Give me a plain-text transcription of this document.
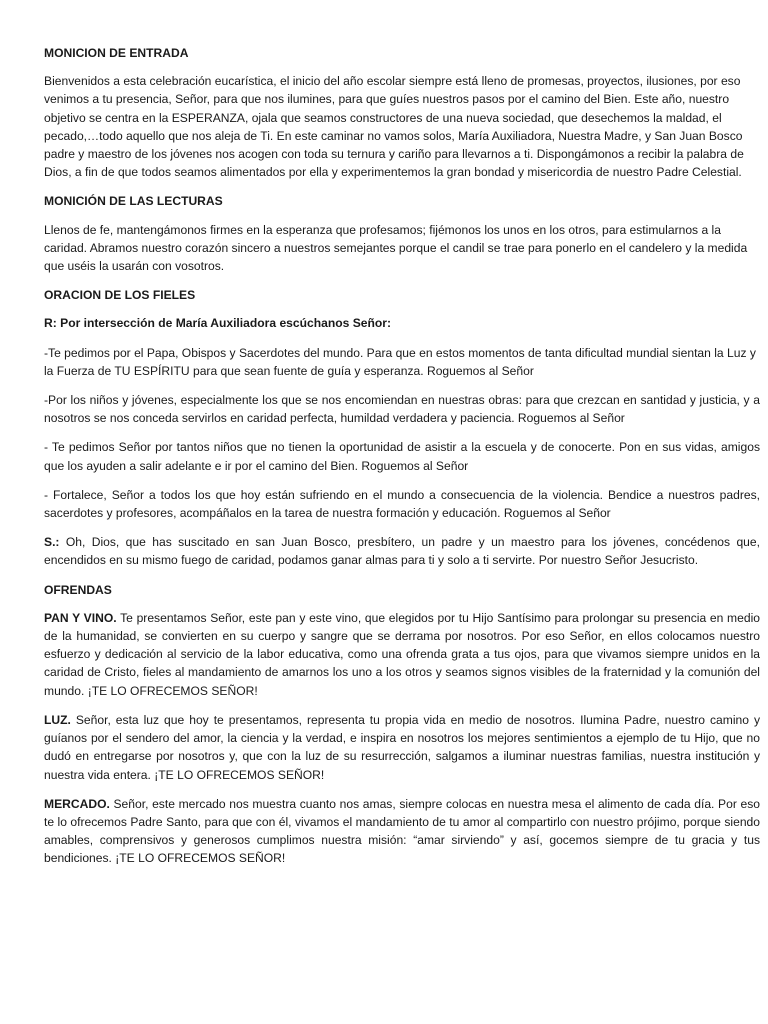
MONICION DE ENTRADA

Bienvenidos a esta celebración eucarística, el inicio del año escolar siempre está lleno de promesas, proyectos, ilusiones, por eso venimos a tu presencia, Señor, para que nos ilumines, para que guíes nuestros pasos por el camino del Bien. Este año, nuestro objetivo se centra en la ESPERANZA, ojala que seamos constructores de una nueva sociedad, que desechemos la maldad, el pecado,…todo aquello que nos aleja de Ti. En este caminar no vamos solos, María Auxiliadora, Nuestra Madre, y San Juan Bosco padre y maestro de los jóvenes nos acogen con toda su ternura y cariño para llevarnos a ti. Dispongámonos a recibir la palabra de Dios, a fin de que todos seamos alimentados por ella y experimentemos la gran bondad y misericordia de nuestro Padre Celestial.

MONICIÓN DE LAS LECTURAS

Llenos de fe, mantengámonos firmes en la esperanza que profesamos; fijémonos los unos en los otros, para estimularnos a la caridad. Abramos nuestro corazón sincero a nuestros semejantes porque el candil se trae para ponerlo en el candelero y la medida que uséis la usarán con vosotros.

ORACION DE LOS FIELES

R: Por intersección de María Auxiliadora escúchanos Señor:

-Te pedimos por el Papa, Obispos y Sacerdotes del mundo. Para que en estos momentos de tanta dificultad mundial sientan la Luz y la Fuerza de TU ESPÍRITU para que sean fuente de guía y esperanza. Roguemos al Señor

-Por los niños y jóvenes, especialmente los que se nos encomiendan en nuestras obras: para que crezcan en santidad y justicia, y a nosotros se nos conceda servirlos en caridad perfecta, humildad verdadera y paciencia. Roguemos al Señor

- Te pedimos Señor por tantos niños que no tienen la oportunidad de asistir a la escuela y de conocerte. Pon en sus vidas, amigos que los ayuden a salir adelante e ir por el camino del Bien. Roguemos al Señor

- Fortalece, Señor a todos los que hoy están sufriendo en el mundo a consecuencia de la violencia. Bendice a nuestros padres, sacerdotes y profesores, acompáñalos en la tarea de nuestra formación y educación. Roguemos al Señor

S.: Oh, Dios, que has suscitado en san Juan Bosco, presbítero, un padre y un maestro para los jóvenes, concédenos que, encendidos en su mismo fuego de caridad, podamos ganar almas para ti y solo a ti servirte. Por nuestro Señor Jesucristo.

OFRENDAS

PAN Y VINO. Te presentamos Señor, este pan y este vino, que elegidos por tu Hijo Santísimo para prolongar su presencia en medio de la humanidad, se convierten en su cuerpo y sangre que se derrama por nosotros. Por eso Señor, en ellos colocamos nuestro esfuerzo y dedicación al servicio de la labor educativa, como una ofrenda grata a tus ojos, para que vivamos siempre unidos en la caridad de Cristo, fieles al mandamiento de amarnos los uno a los otros y seamos signos visibles de la fraternidad y la comunión del mundo. ¡TE LO OFRECEMOS SEÑOR!

LUZ. Señor, esta luz que hoy te presentamos, representa tu propia vida en medio de nosotros. Ilumina Padre, nuestro camino y guíanos por el sendero del amor, la ciencia y la verdad, e inspira en nosotros los mejores sentimientos a ejemplo de tu Hijo, que no dudó en entregarse por nosotros y, que con la luz de su resurrección, salgamos a iluminar nuestras familias, nuestra institución y nuestra vida entera. ¡TE LO OFRECEMOS SEÑOR!

MERCADO. Señor, este mercado nos muestra cuanto nos amas, siempre colocas en nuestra mesa el alimento de cada día. Por eso te lo ofrecemos Padre Santo, para que con él, vivamos el mandamiento de tu amor al compartirlo con nuestro prójimo, porque siendo amables, comprensivos y generosos cumplimos nuestra misión: “amar sirviendo” y así, gocemos siempre de tu gracia y tus bendiciones. ¡TE LO OFRECEMOS SEÑOR!
